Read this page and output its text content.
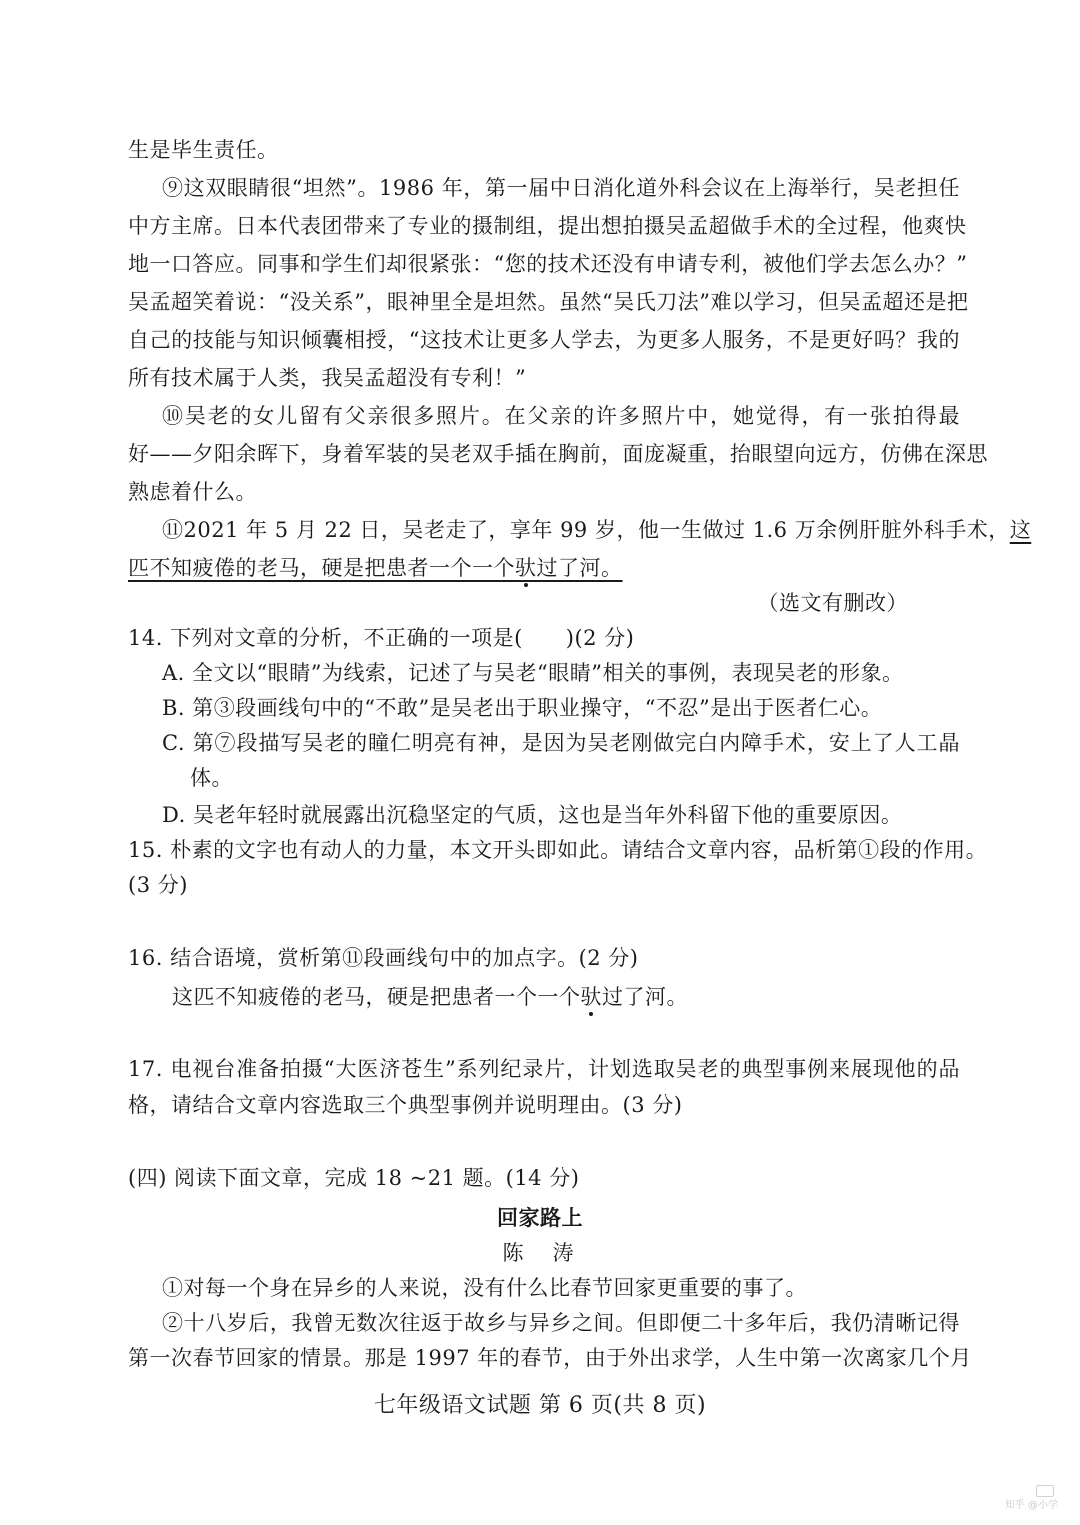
生是毕生责任。
⑨这双眼睛很“坦然”。1986 年，第一届中日消化道外科会议在上海举行，吴老担任
中方主席。日本代表团带来了专业的摄制组，提出想拍摄吴孟超做手术的全过程，他爽快
地一口答应。同事和学生们却很紧张：“您的技术还没有申请专利，被他们学去怎么办？”
吴孟超笑着说：“没关系”，眼神里全是坦然。虽然“吴氏刀法”难以学习，但吴孟超还是把
自己的技能与知识倾囊相授，“这技术让更多人学去，为更多人服务，不是更好吗？我的
所有技术属于人类，我吴孟超没有专利！”
⑩吴老的女儿留有父亲很多照片。在父亲的许多照片中，她觉得，有一张拍得最
好——夕阳余晖下，身着军装的吴老双手插在胸前，面庞凝重，抬眼望向远方，仿佛在深思
熟虑着什么。
⑪2021 年 5 月 22 日，吴老走了，享年 99 岁，他一生做过 1.6 万余例肝脏外科手术，这
匹不知疲倦的老马，硬是把患者一个一个驮过了河。
（选文有删改）
14. 下列对文章的分析，不正确的一项是(　　)(2 分)
A. 全文以“眼睛”为线索，记述了与吴老“眼睛”相关的事例，表现吴老的形象。
B. 第③段画线句中的“不敢”是吴老出于职业操守，“不忍”是出于医者仁心。
C. 第⑦段描写吴老的瞳仁明亮有神，是因为吴老刚做完白内障手术，安上了人工晶
体。
D. 吴老年轻时就展露出沉稳坚定的气质，这也是当年外科留下他的重要原因。
15. 朴素的文字也有动人的力量，本文开头即如此。请结合文章内容，品析第①段的作用。
(3 分)
16. 结合语境，赏析第⑪段画线句中的加点字。(2 分)
这匹不知疲倦的老马，硬是把患者一个一个驮过了河。
17. 电视台准备拍摄“大医济苍生”系列纪录片，计划选取吴老的典型事例来展现他的品
格，请结合文章内容选取三个典型事例并说明理由。(3 分)
(四) 阅读下面文章，完成 18 ~21 题。(14 分)
回家路上
陈　涛
①对每一个身在异乡的人来说，没有什么比春节回家更重要的事了。
②十八岁后，我曾无数次往返于故乡与异乡之间。但即便二十多年后，我仍清晰记得
第一次春节回家的情景。那是 1997 年的春节，由于外出求学，人生中第一次离家几个月
七年级语文试题 第 6 页(共 8 页)
知乎 @小学
